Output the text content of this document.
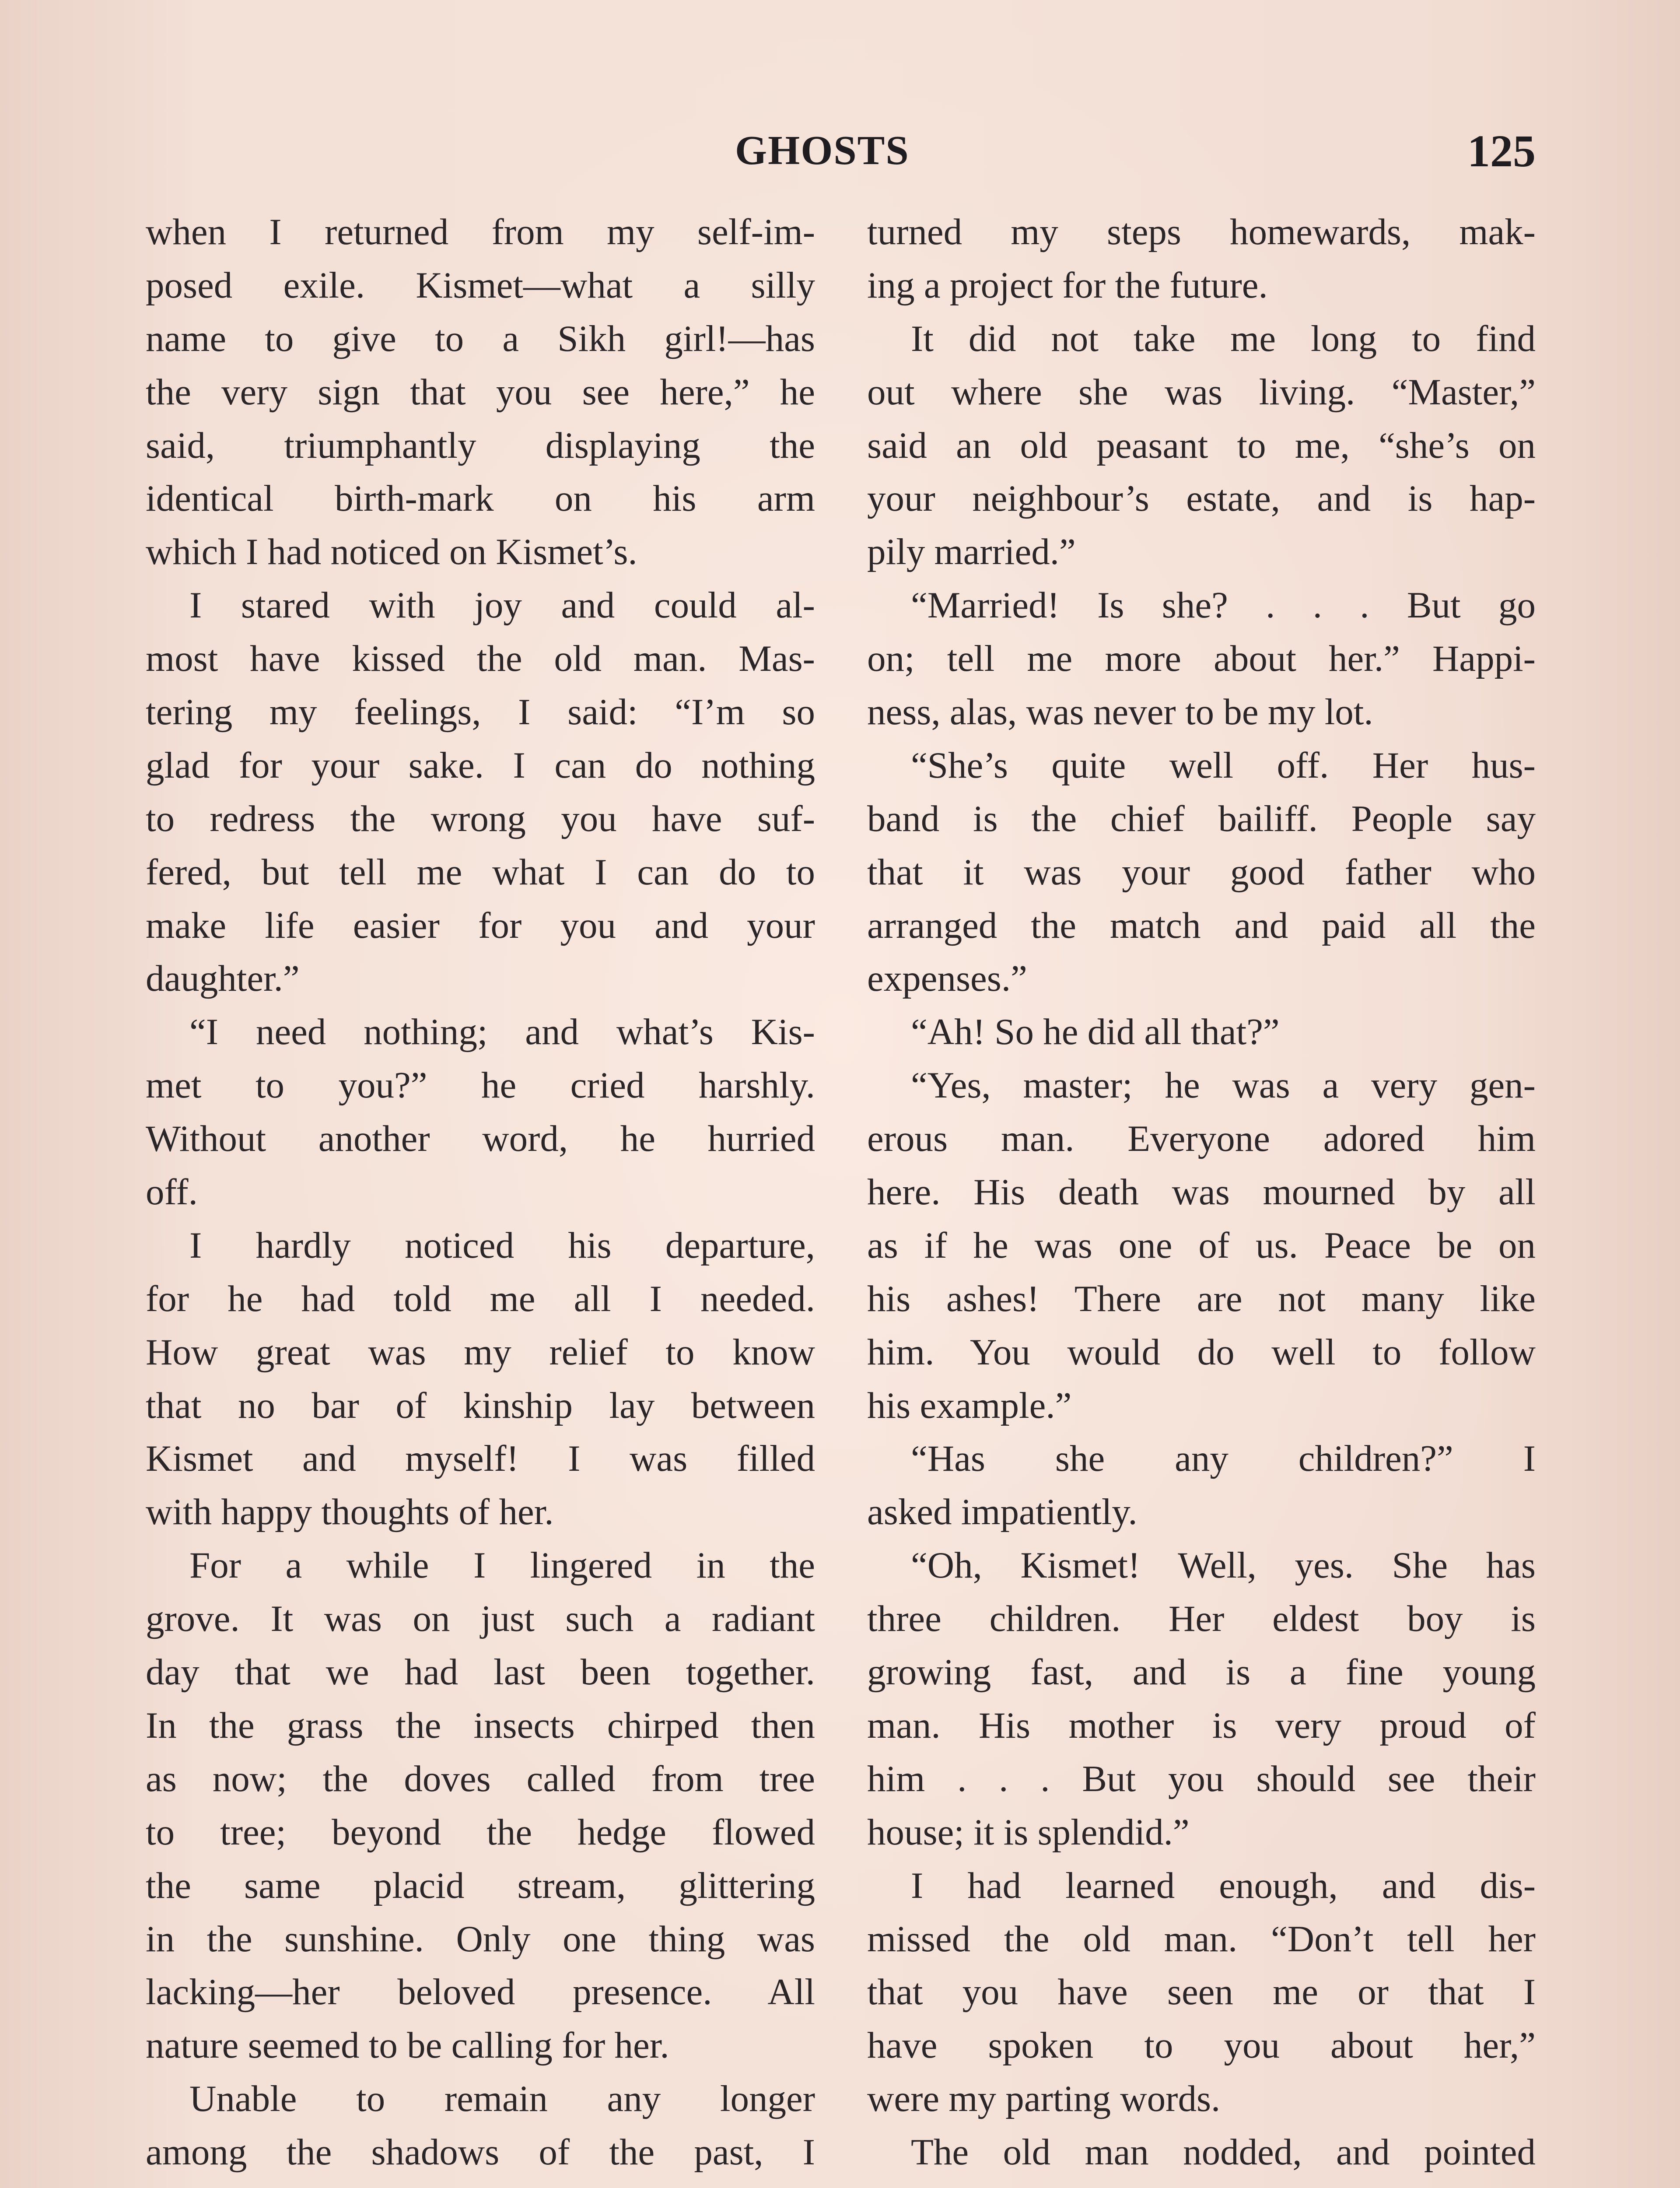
GHOSTS	125
when I returned from my self-im-
posed exile. Kismet—what a silly
name to give to a Sikh girl!—has
the very sign that you see here,” he
said, triumphantly displaying the
identical birth-mark on his arm
which I had noticed on Kismet’s.
I stared with joy and could al-
most have kissed the old man. Mas-
tering my feelings, I said: “I’m so
glad for your sake. I can do nothing
to redress the wrong you have suf-
fered, but tell me what I can do to
make life easier for you and your
daughter.”
“I need nothing; and what’s Kis-
met to you?” he cried harshly.
Without another word, he hurried
off.
I hardly noticed his departure,
for he had told me all I needed.
How great was my relief to know
that no bar of kinship lay between
Kismet and myself! I was filled
with happy thoughts of her.
For a while I lingered in the
grove. It was on just such a radiant
day that we had last been together.
In the grass the insects chirped then
as now; the doves called from tree
to tree; beyond the hedge flowed
the same placid stream, glittering
in the sunshine. Only one thing was
lacking—her beloved presence. All
nature seemed to be calling for her.
Unable to remain any longer
among the shadows of the past, I
turned my steps homewards, mak-
ing a project for the future.
It did not take me long to find
out where she was living. “Master,”
said an old peasant to me, “she’s on
your neighbour’s estate, and is hap-
pily married.”
“Married! Is she? . . . But go
on; tell me more about her.” Happi-
ness, alas, was never to be my lot.
“She’s quite well off. Her hus-
band is the chief bailiff. People say
that it was your good father who
arranged the match and paid all the
expenses.”
“Ah! So he did all that?”
“Yes, master; he was a very gen-
erous man. Everyone adored him
here. His death was mourned by all
as if he was one of us. Peace be on
his ashes! There are not many like
him. You would do well to follow
his example.”
“Has she any children?” I
asked impatiently.
“Oh, Kismet! Well, yes. She has
three children. Her eldest boy is
growing fast, and is a fine young
man. His mother is very proud of
him . . . But you should see their
house; it is splendid.”
I had learned enough, and dis-
missed the old man. “Don’t tell her
that you have seen me or that I
have spoken to you about her,”
were my parting words.
The old man nodded, and pointed
